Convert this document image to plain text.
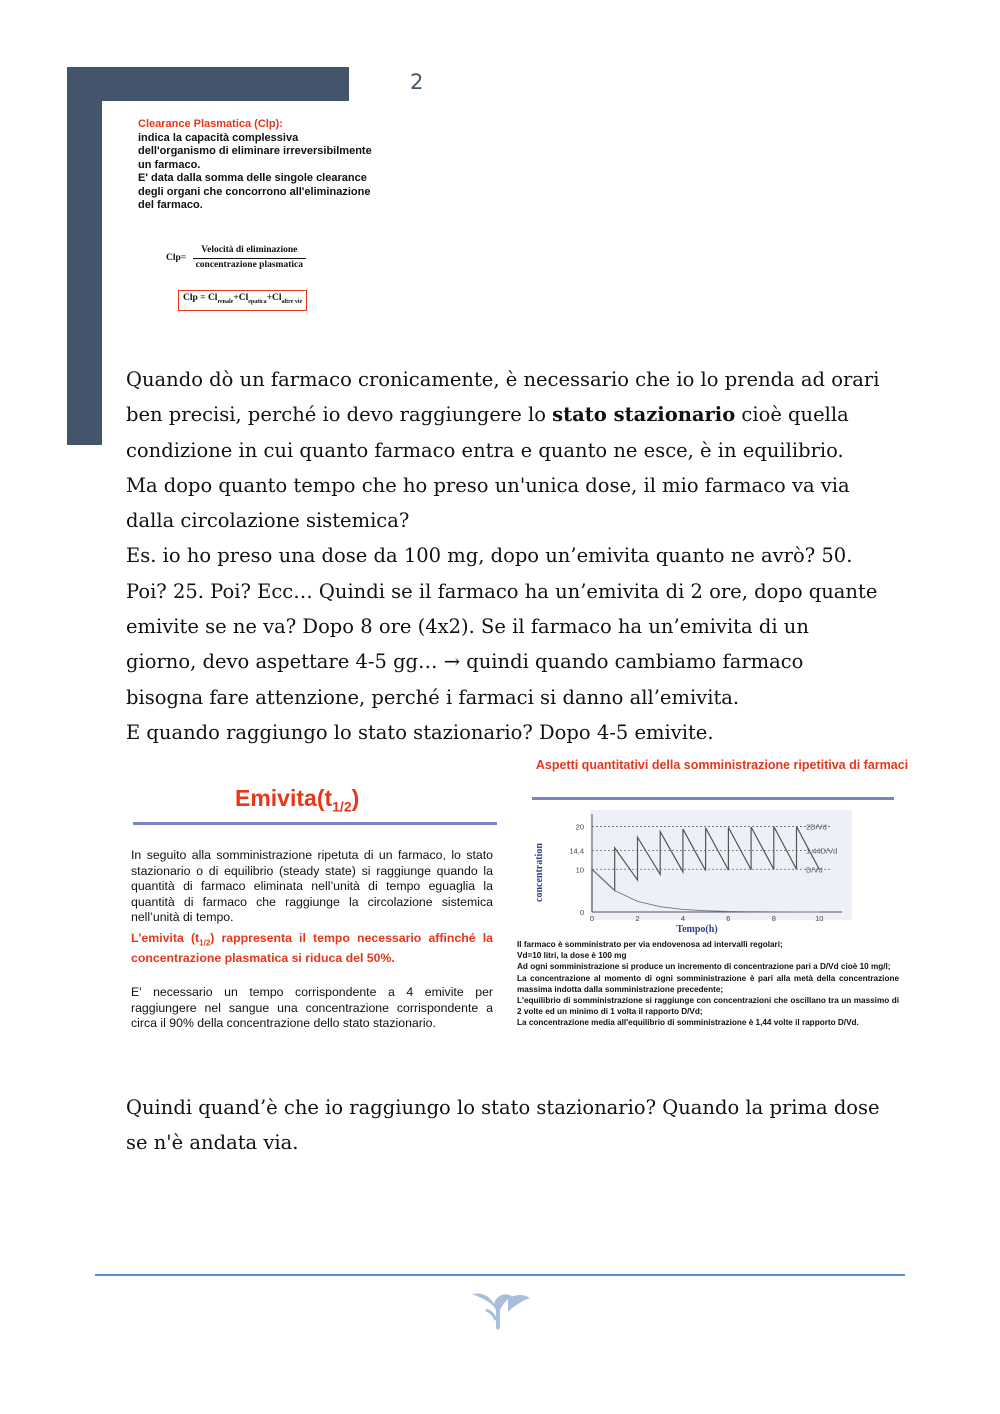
2
Clearance Plasmatica (Clp):
indica la capacità complessiva
dell'organismo di eliminare irreversibilmente
un farmaco.
E' data dalla somma delle singole clearance
degli organi che concorrono all'eliminazione
del farmaco.
$Clp= \frac{\text{Velocità di eliminazione}}{\text{concentrazione plasmatica}}$
Clp = $Cl_{renale}+Cl_{epatica}+Cl_{altre vie}$

Quando dò un farmaco cronicamente, è necessario che io lo prenda ad orari

ben precisi, perché io devo raggiungere lo stato stazionario cioè quella

condizione in cui quanto farmaco entra e quanto ne esce, è in equilibrio.

Ma dopo quanto tempo che ho preso un'unica dose, il mio farmaco va via

dalla circolazione sistemica?

Es. io ho preso una dose da 100 mg, dopo un’emivita quanto ne avrò? 50.

Poi? 25. Poi? Ecc… Quindi se il farmaco ha un’emivita di 2 ore, dopo quante

emivite se ne va? Dopo 8 ore (4x2). Se il farmaco ha un’emivita di un

giorno, devo aspettare 4-5 gg… → quindi quando cambiamo farmaco

bisogna fare attenzione, perché i farmaci si danno all’emivita.

E quando raggiungo lo stato stazionario? Dopo 4-5 emivite.

$Emivita(t_{1/2})$
In seguito alla somministrazione ripetuta di un farmaco, lo stato stazionario o di equilibrio (steady state) si raggiunge quando la quantità di farmaco eliminata nell’unità di tempo eguaglia la quantità di farmaco che raggiunge la circolazione sistemica nell’unità di tempo.
L'emivita $(t_{1/2})$ rappresenta il tempo necessario affinché la concentrazione plasmatica si riduca del 50%.
E' necessario un tempo corrispondente a 4 emivite per raggiungere nel sangue una concentrazione corrispondente a circa il 90% della concentrazione dello stato stazionario.
Aspetti quantitativi della somministrazione ripetitiva di farmaci
2D/Vd
1,44D/Vd
D/Vd
0
10
14,4
20
0	2	4	6	8	10
concentration
Tempo(h)

Il farmaco è somministrato per via endovenosa ad intervalli regolari;

Vd=10 litri, la dose è 100 mg

Ad ogni somministrazione si produce un incremento di concentrazione pari a D/Vd cioè 10 mg/l;

La concentrazione al momento di ogni somministrazione è pari alla metà della concentrazione massima indotta dalla somministrazione precedente;

L'equilibrio di somministrazione si raggiunge con concentrazioni che oscillano tra un massimo di 2 volte ed un minimo di 1 volta il rapporto D/Vd;

La concentrazione media all'equilibrio di somministrazione è 1,44 volte il rapporto D/Vd.

Quindi quand’è che io raggiungo lo stato stazionario? Quando la prima dose

se n'è andata via.
